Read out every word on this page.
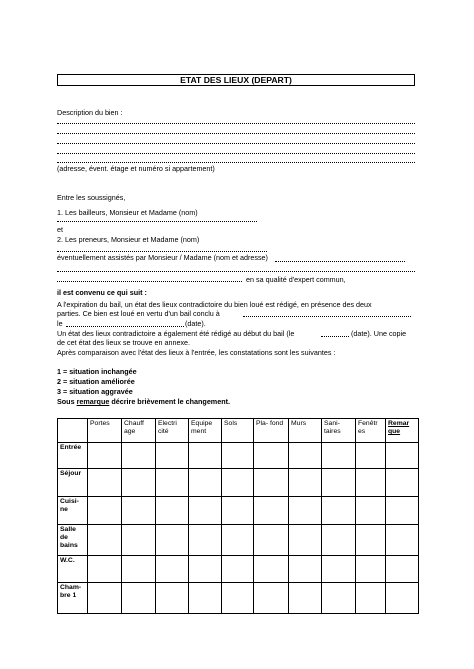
ETAT DES LIEUX (DEPART)
Description du bien :
(adresse, évent. étage et numéro si appartement)
Entre les soussignés,
1. Les bailleurs, Monsieur et Madame (nom)
et
2. Les preneurs, Monsieur et Madame (nom)
éventuellement assistés par Monsieur / Madame (nom et adresse)
en sa qualité d'expert commun,
il est convenu ce qui suit :
A l'expiration du bail, un état des lieux contradictoire du bien loué est rédigé, en présence des deux
parties. Ce bien est loué en vertu d'un bail conclu à
le	(date).
Un état des lieux contradictoire a également été rédigé au début du bail (le	(date). Une copie
de cet état des lieux se trouve en annexe.
Après comparaison avec l'état des lieux à l'entrée, les constatations sont les suivantes :
1 = situation inchangée
2 = situation améliorée
3 = situation aggravée
Sous remarque décrire brièvement le changement.
	Portes	Chauff age	Electri cité	Equipe ment	Sols	Pla- fond	Murs	Sani- taires	Fenêtr es	Remar que
Entrée										
Séjour										
Cuisi- ne										
Salle de bains										
W.C.										
Cham- bre 1										
